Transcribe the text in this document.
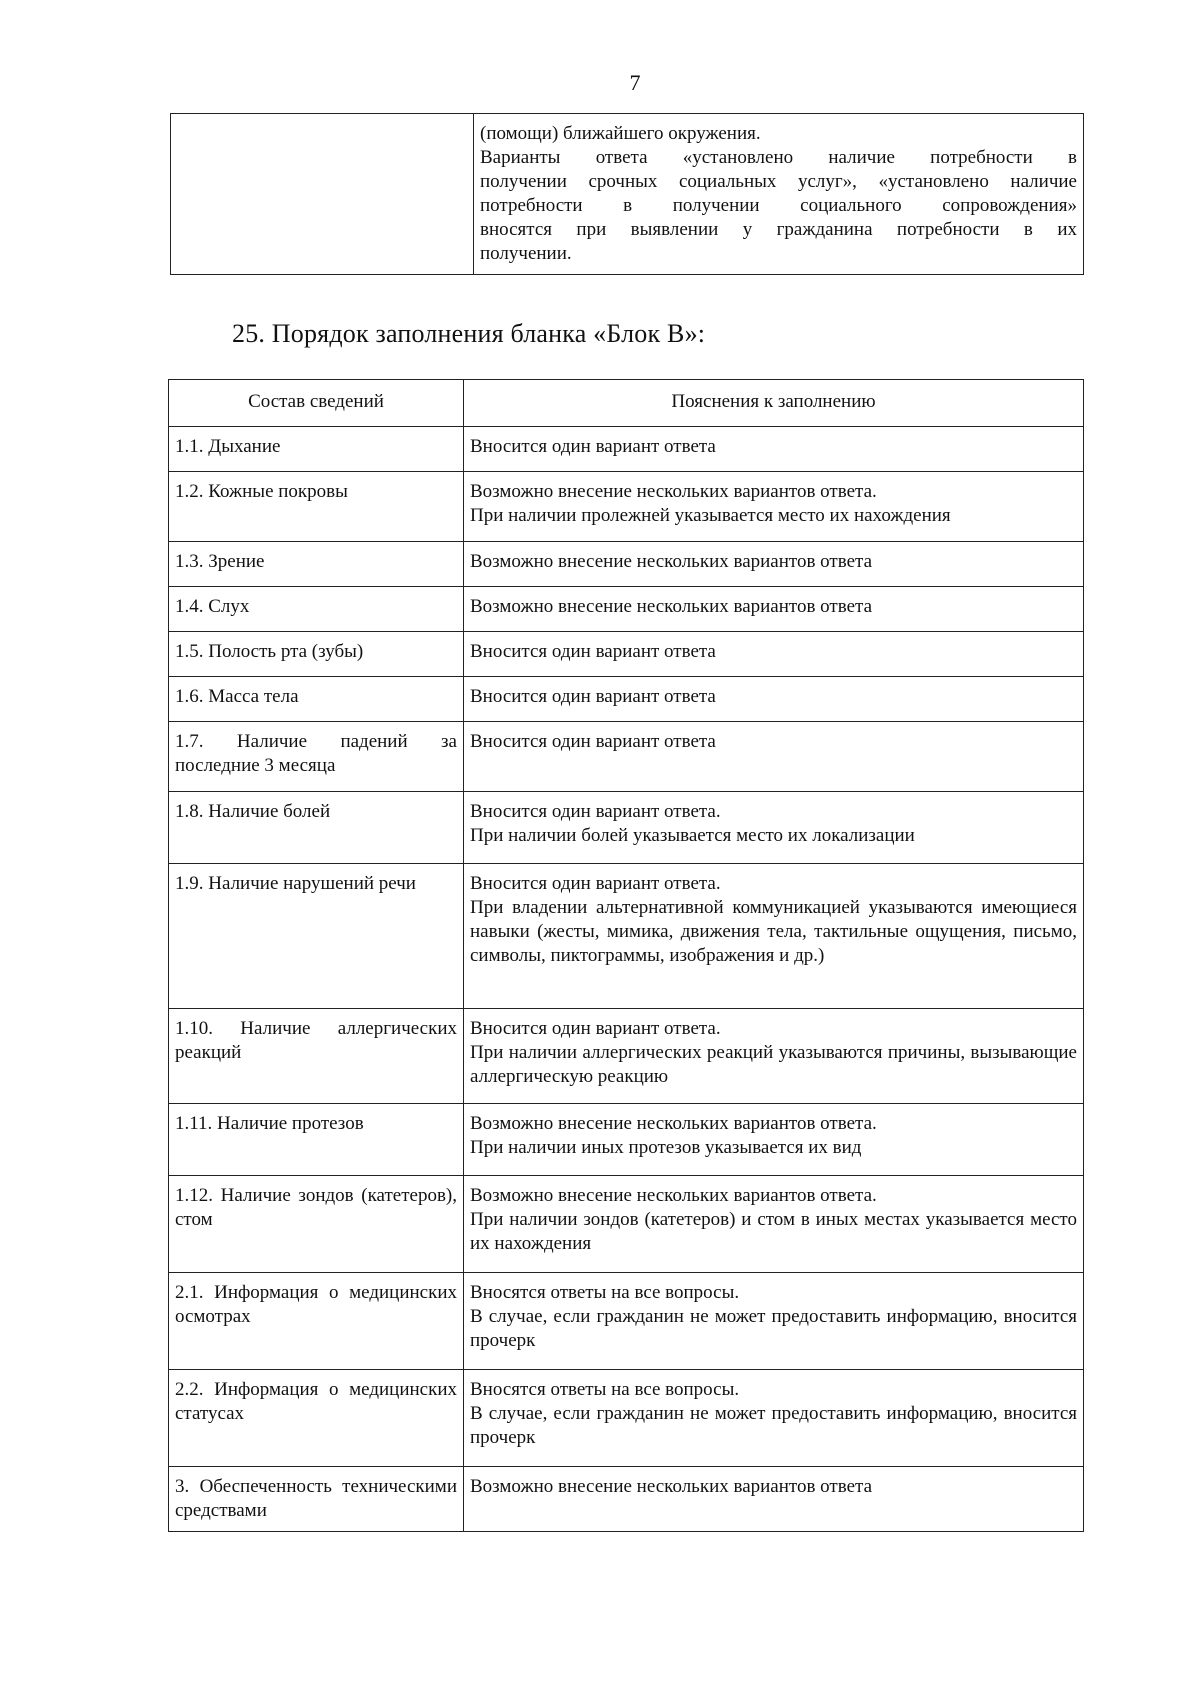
7

(помощи) ближайшего окружения.
Варианты ответа «установлено наличие потребности в
получении срочных социальных услуг», «установлено наличие
потребности в получении социального сопровождения»
вносятся при выявлении у гражданина потребности в их
получении.
25. Порядок заполнения бланка «Блок В»:
Состав сведений	Пояснения к заполнению
1.1. Дыхание	Вносится один вариант ответа

1.2. Кожные покровы	Возможно внесение нескольких вариантов ответа.
При наличии пролежней указывается место их нахождения

1.3. Зрение	Возможно внесение нескольких вариантов ответа

1.4. Слух	Возможно внесение нескольких вариантов ответа

1.5. Полость рта (зубы)	Вносится один вариант ответа

1.6. Масса тела	Вносится один вариант ответа

1.7. Наличие падений за последние 3 месяца	Вносится один вариант ответа

1.8. Наличие болей	Вносится один вариант ответа.
При наличии болей указывается место их локализации

1.9. Наличие нарушений речи	Вносится один вариант ответа.
При владении альтернативной коммуникацией указываются имеющиеся навыки (жесты, мимика, движения тела, тактильные ощущения, письмо, символы, пиктограммы, изображения и др.)

1.10. Наличие аллергических реакций	Вносится один вариант ответа.
При наличии аллергических реакций указываются причины, вызывающие аллергическую реакцию

1.11. Наличие протезов	Возможно внесение нескольких вариантов ответа.
При наличии иных протезов указывается их вид

1.12. Наличие зондов (катетеров), стом	Возможно внесение нескольких вариантов ответа.
При наличии зондов (катетеров) и стом в иных местах указывается место их нахождения

2.1. Информация о медицинских осмотрах	Вносятся ответы на все вопросы.
В случае, если гражданин не может предоставить информацию, вносится прочерк

2.2. Информация о медицинских статусах	Вносятся ответы на все вопросы.
В случае, если гражданин не может предоставить информацию, вносится прочерк

3. Обеспеченность техническими средствами	Возможно внесение нескольких вариантов ответа
